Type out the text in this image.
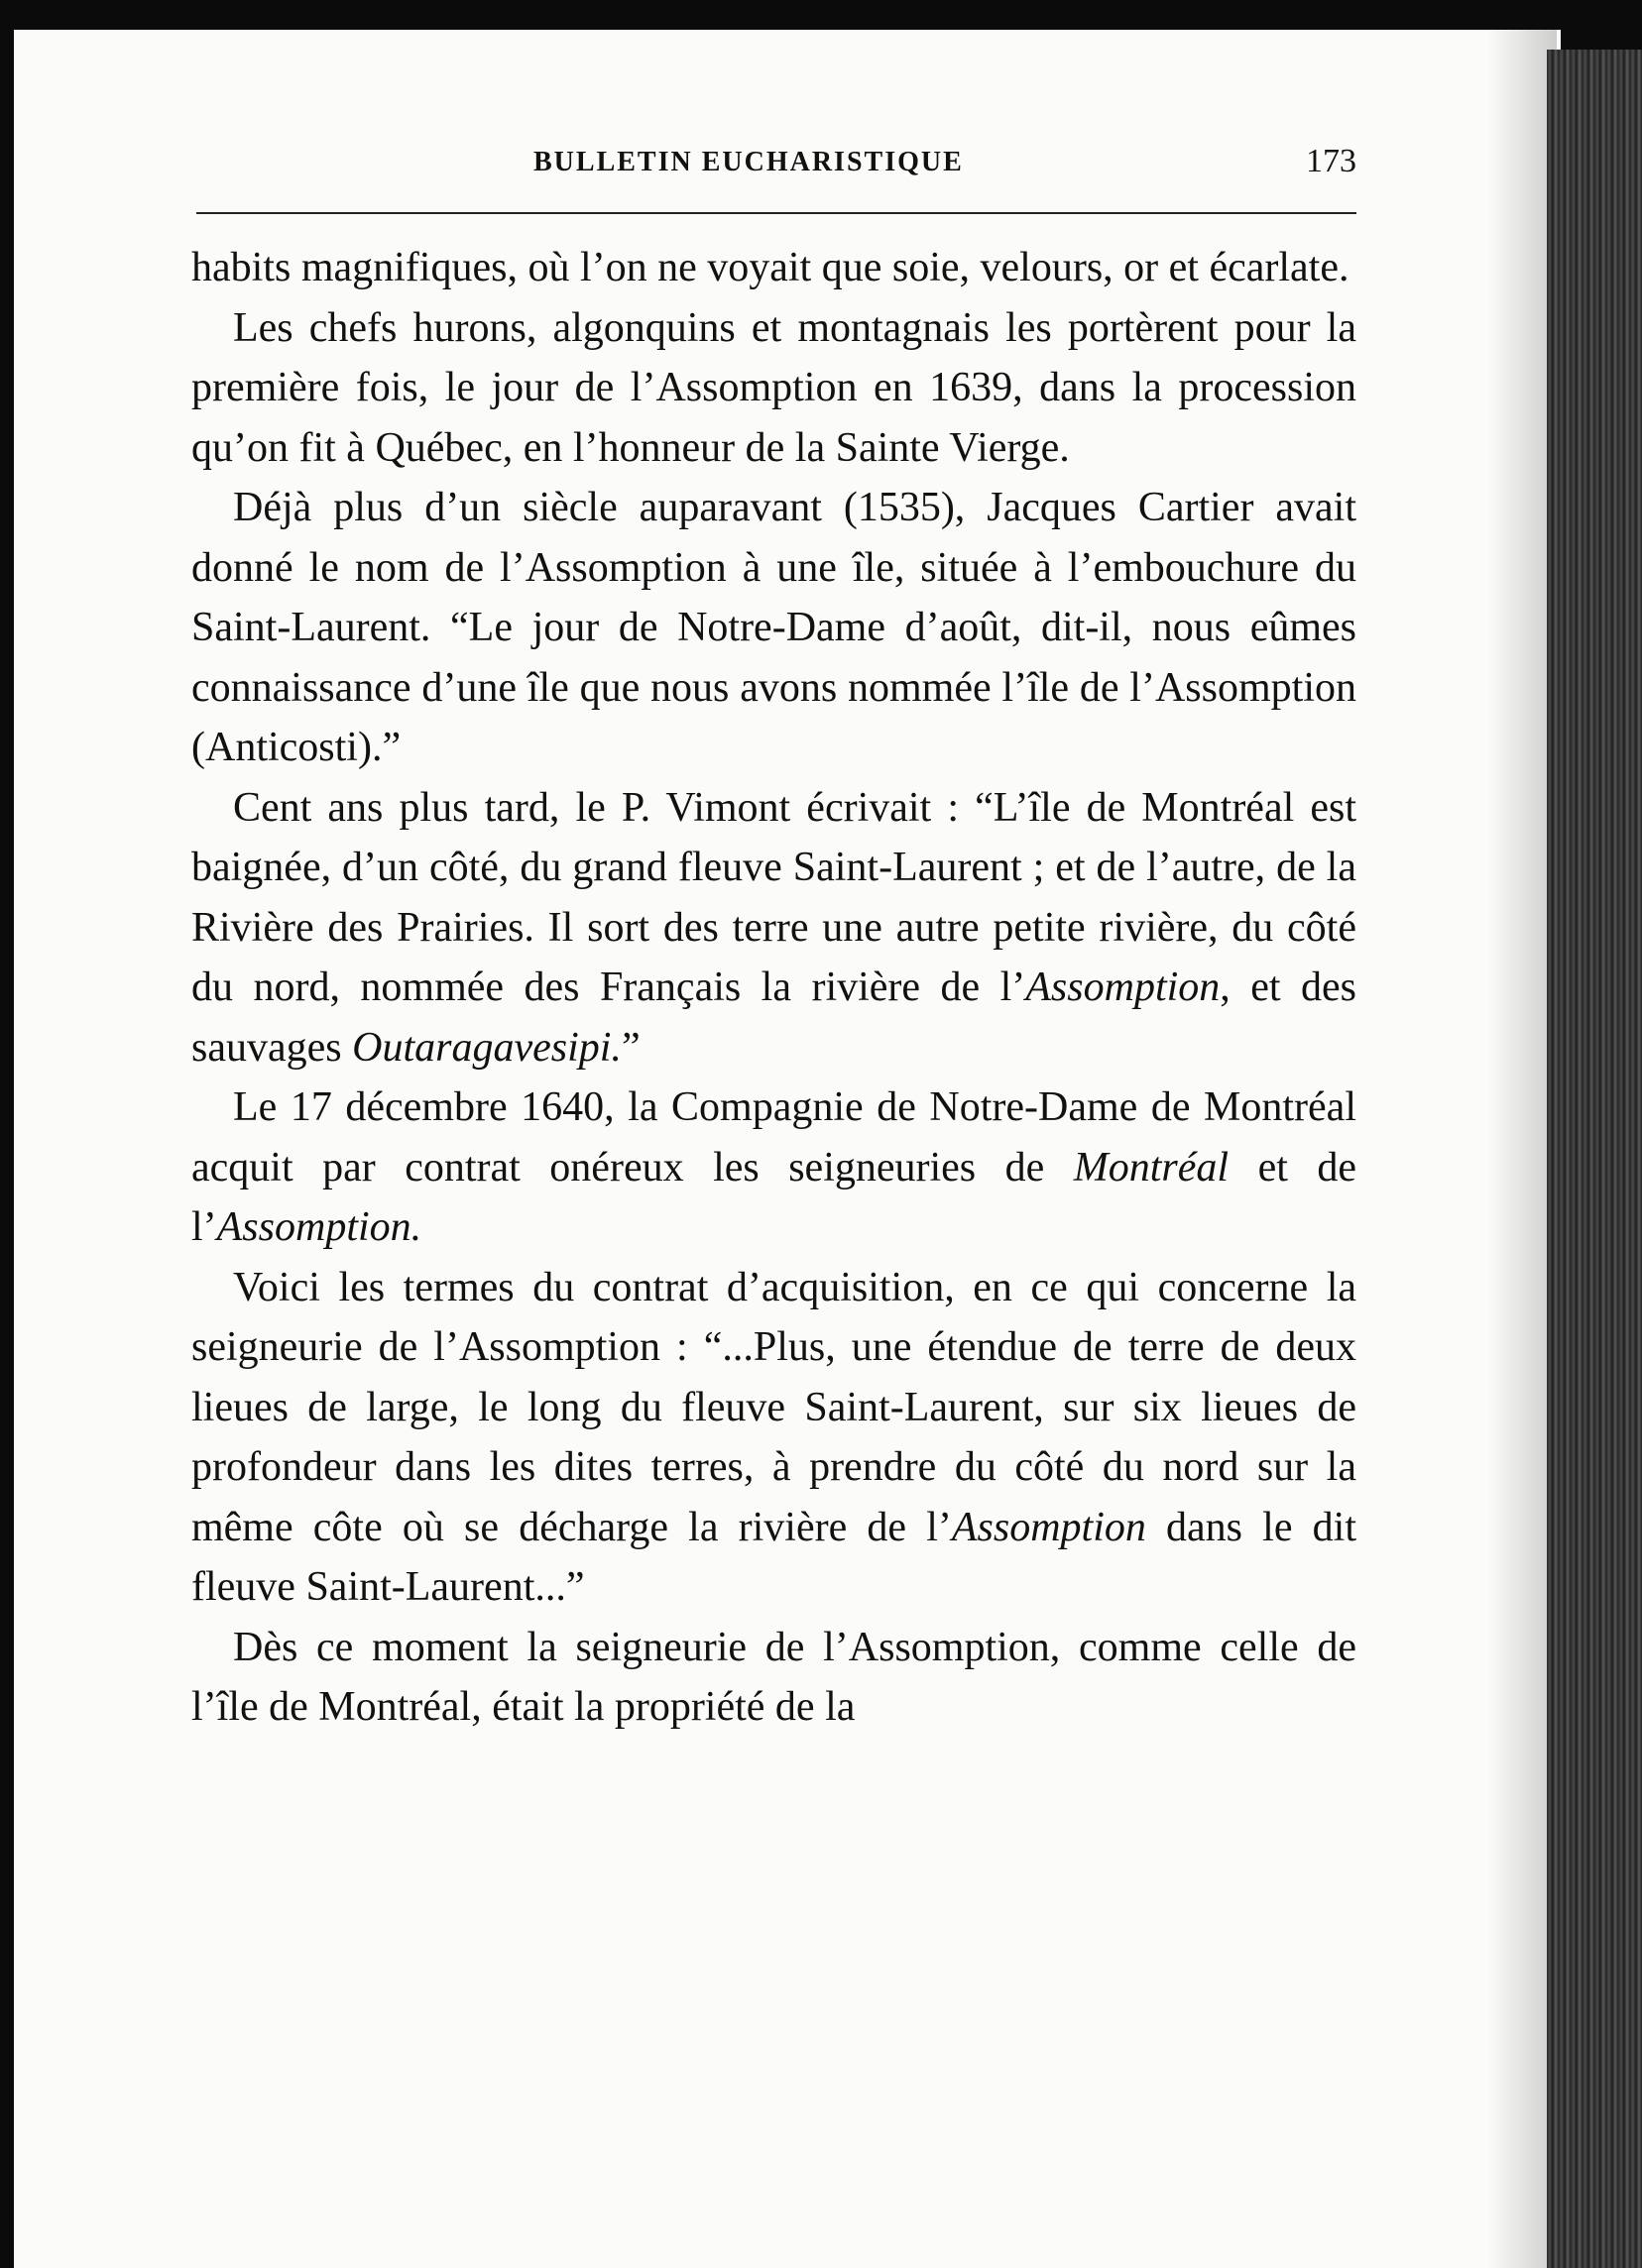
BULLETIN EUCHARISTIQUE	173

habits magnifiques, où l’on ne voyait que soie, velours, or et écarlate.

Les chefs hurons, algonquins et montagnais les portèrent pour la première fois, le jour de l’Assomption en 1639, dans la procession qu’on fit à Québec, en l’honneur de la Sainte Vierge.

Déjà plus d’un siècle auparavant (1535), Jacques Cartier avait donné le nom de l’Assomption à une île, située à l’embouchure du Saint-Laurent. “Le jour de Notre-Dame d’août, dit-il, nous eûmes connaissance d’une île que nous avons nommée l’île de l’Assomption (Anticosti).”

Cent ans plus tard, le P. Vimont écrivait : “L’île de Montréal est baignée, d’un côté, du grand fleuve Saint-Laurent ; et de l’autre, de la Rivière des Prairies. Il sort des terre une autre petite rivière, du côté du nord, nommée des Français la rivière de l’Assomption, et des sauvages Outaragavesipi.”

Le 17 décembre 1640, la Compagnie de Notre-Dame de Montréal acquit par contrat onéreux les seigneuries de Montréal et de l’Assomption.

Voici les termes du contrat d’acquisition, en ce qui concerne la seigneurie de l’Assomption : “...Plus, une étendue de terre de deux lieues de large, le long du fleuve Saint-Laurent, sur six lieues de profondeur dans les dites terres, à prendre du côté du nord sur la même côte où se décharge la rivière de l’Assomption dans le dit fleuve Saint-Laurent...”

Dès ce moment la seigneurie de l’Assomption, comme celle de l’île de Montréal, était la propriété de la
